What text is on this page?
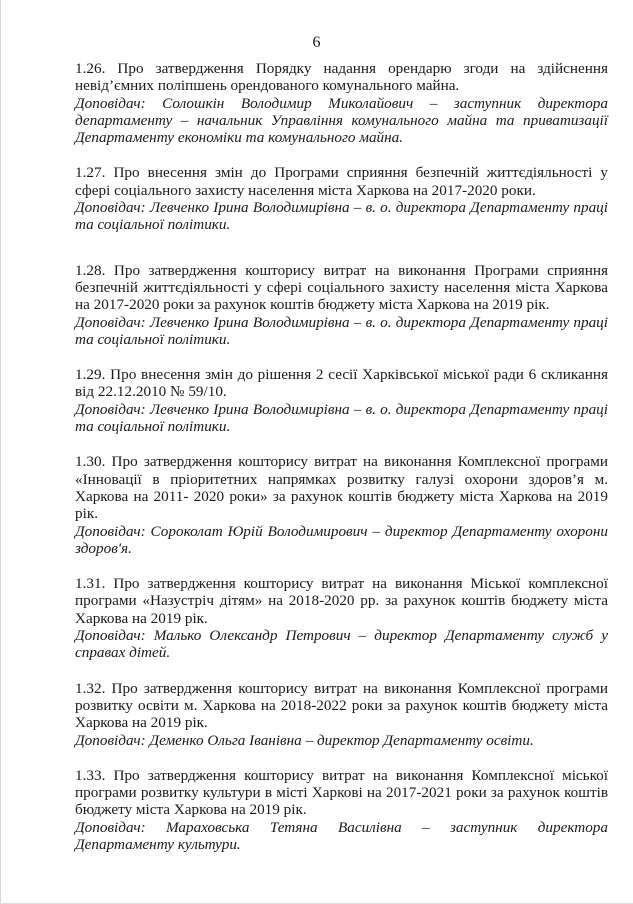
6

1.26. Про затвердження Порядку надання орендарю згоди на здійснення невід’ємних поліпшень орендованого комунального майна.

Доповідач: Солошкін Володимир Миколайович – заступник директора департаменту – начальник Управління комунального майна та приватизації Департаменту економіки та комунального майна.

1.27. Про внесення змін до Програми сприяння безпечній життєдіяльності у сфері соціального захисту населення міста Харкова на 2017-2020 роки.

Доповідач: Левченко Ірина Володимирівна – в. о. директора Департаменту праці та соціальної політики.

1.28. Про затвердження кошторису витрат на виконання Програми сприяння безпечній життєдіяльності у сфері соціального захисту населення міста Харкова на 2017-2020 роки за рахунок коштів бюджету міста Харкова на 2019 рік.

Доповідач: Левченко Ірина Володимирівна – в. о. директора Департаменту праці та соціальної політики.

1.29. Про внесення змін до рішення 2 сесії Харківської міської ради 6 скликання від 22.12.2010 № 59/10.

Доповідач: Левченко Ірина Володимирівна – в. о. директора Департаменту праці та соціальної політики.

1.30. Про затвердження кошторису витрат на виконання Комплексної програми «Інновації в пріоритетних напрямках розвитку галузі охорони здоров’я м. Харкова на 2011- 2020 роки» за рахунок коштів бюджету міста Харкова на 2019 рік.

Доповідач: Сороколат Юрій Володимирович – директор Департаменту охорони здоров'я.

1.31. Про затвердження кошторису витрат на виконання Міської комплексної програми «Назустріч дітям» на 2018-2020 рр. за рахунок коштів бюджету міста Харкова на 2019 рік.

Доповідач: Малько Олександр Петрович – директор Департаменту служб у справах дітей.

1.32. Про затвердження кошторису витрат на виконання Комплексної програми розвитку освіти м. Харкова на 2018-2022 роки за рахунок коштів бюджету міста Харкова на 2019 рік.

Доповідач: Деменко Ольга Іванівна – директор Департаменту освіти.

1.33. Про затвердження кошторису витрат на виконання Комплексної міської програми розвитку культури в місті Харкові на 2017-2021 роки за рахунок коштів бюджету міста Харкова на 2019 рік.

Доповідач: Мараховська Тетяна Василівна – заступник директора Департаменту культури.
